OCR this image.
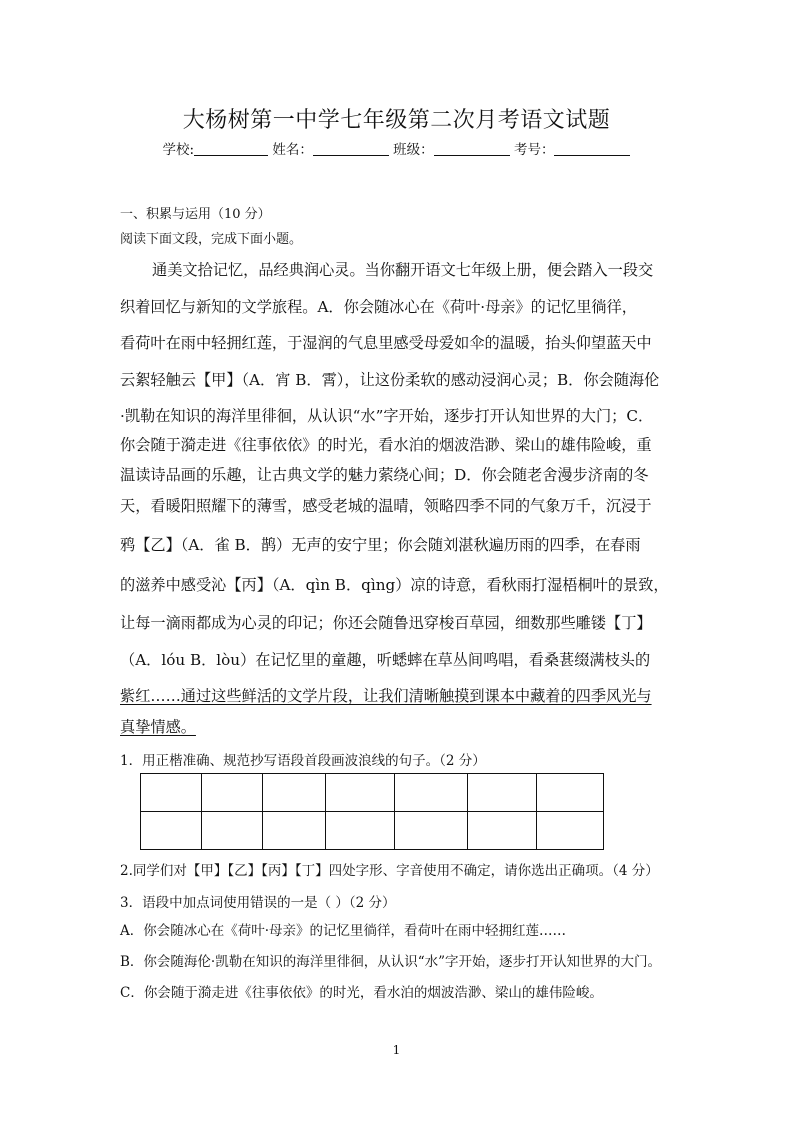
大杨树第一中学七年级第二次月考语文试题
学校:	姓名：	班级：	考号：
一、积累与运用（10 分）
阅读下面文段，完成下面小题。
通美文拾记忆，品经典润心灵。当你翻开语文七年级上册，便会踏入一段交
织着回忆与新知的文学旅程。A．你会随冰心在《荷叶·母亲》的记忆里徜徉，
看荷叶在雨中轻拥红莲，于湿润的气息里感受母爱如伞的温暖，抬头仰望蓝天中
云絮轻触云【甲】（A．宵 B．霄），让这份柔软的感动浸润心灵；B．你会随海伦
·凯勒在知识的海洋里徘徊，从认识“水”字开始，逐步打开认知世界的大门；C．
你会随于漪走进《往事依依》的时光，看水泊的烟波浩渺、梁山的雄伟险峻，重
温读诗品画的乐趣，让古典文学的魅力萦绕心间；D．你会随老舍漫步济南的冬
天，看暖阳照耀下的薄雪，感受老城的温晴，领略四季不同的气象万千，沉浸于
鸦【乙】（A．雀 B．鹊）无声的安宁里；你会随刘湛秋遍历雨的四季，在春雨
的滋养中感受沁【丙】（A．qìn B．qìng）凉的诗意，看秋雨打湿梧桐叶的景致，
让每一滴雨都成为心灵的印记；你还会随鲁迅穿梭百草园，细数那些雕镂【丁】
（A．lóu B．lòu）在记忆里的童趣，听蟋蟀在草丛间鸣唱，看桑葚缀满枝头的
紫红……通过这些鲜活的文学片段，让我们清晰触摸到课本中藏着的四季风光与
真挚情感。
1．用正楷准确、规范抄写语段首段画波浪线的句子。（2 分）

2.同学们对【甲】【乙】【丙】【丁】四处字形、字音使用不确定，请你选出正确项。（4 分）
3．语段中加点词使用错误的一是（ ）（2 分）
A．你会随冰心在《荷叶·母亲》的记忆里徜徉，看荷叶在雨中轻拥红莲……
B．你会随海伦·凯勒在知识的海洋里徘徊，从认识“水”字开始，逐步打开认知世界的大门。
C．你会随于漪走进《往事依依》的时光，看水泊的烟波浩渺、梁山的雄伟险峻。
1
